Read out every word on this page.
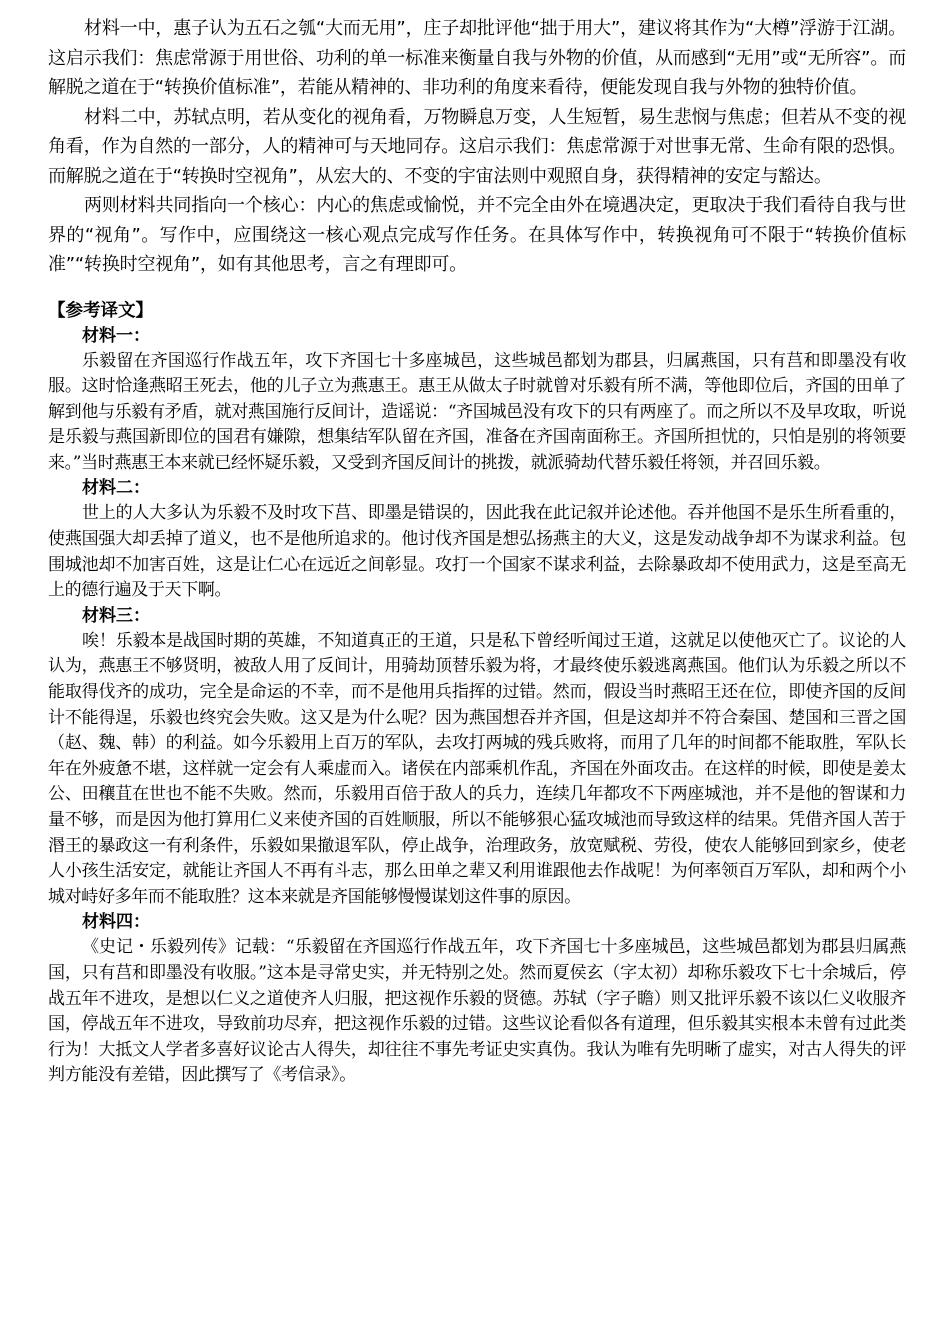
材料一中，惠子认为五石之瓠“大而无用”，庄子却批评他“拙于用大”，建议将其作为“大樽”浮游于江湖。这启示我们：焦虑常源于用世俗、功利的单一标准来衡量自我与外物的价值，从而感到“无用”或“无所容”。而解脱之道在于“转换价值标准”，若能从精神的、非功利的角度来看待，便能发现自我与外物的独特价值。

材料二中，苏轼点明，若从变化的视角看，万物瞬息万变，人生短暂，易生悲悯与焦虑；但若从不变的视角看，作为自然的一部分，人的精神可与天地同存。这启示我们：焦虑常源于对世事无常、生命有限的恐惧。而解脱之道在于“转换时空视角”，从宏大的、不变的宇宙法则中观照自身，获得精神的安定与豁达。

两则材料共同指向一个核心：内心的焦虑或愉悦，并不完全由外在境遇决定，更取决于我们看待自我与世界的“视角”。写作中，应围绕这一核心观点完成写作任务。在具体写作中，转换视角可不限于“转换价值标准”“转换时空视角”，如有其他思考，言之有理即可。

【参考译文】

材料一：

乐毅留在齐国巡行作战五年，攻下齐国七十多座城邑，这些城邑都划为郡县，归属燕国，只有莒和即墨没有收服。这时恰逢燕昭王死去，他的儿子立为燕惠王。惠王从做太子时就曾对乐毅有所不满，等他即位后，齐国的田单了解到他与乐毅有矛盾，就对燕国施行反间计，造谣说：“齐国城邑没有攻下的只有两座了。而之所以不及早攻取，听说是乐毅与燕国新即位的国君有嫌隙，想集结军队留在齐国，准备在齐国南面称王。齐国所担忧的，只怕是别的将领要来。”当时燕惠王本来就已经怀疑乐毅，又受到齐国反间计的挑拨，就派骑劫代替乐毅任将领，并召回乐毅。

材料二：

世上的人大多认为乐毅不及时攻下莒、即墨是错误的，因此我在此记叙并论述他。吞并他国不是乐生所看重的，使燕国强大却丢掉了道义，也不是他所追求的。他讨伐齐国是想弘扬燕主的大义，这是发动战争却不为谋求利益。包围城池却不加害百姓，这是让仁心在远近之间彰显。攻打一个国家不谋求利益，去除暴政却不使用武力，这是至高无上的德行遍及于天下啊。

材料三：

唉！乐毅本是战国时期的英雄，不知道真正的王道，只是私下曾经听闻过王道，这就足以使他灭亡了。议论的人认为，燕惠王不够贤明，被敌人用了反间计，用骑劫顶替乐毅为将，才最终使乐毅逃离燕国。他们认为乐毅之所以不能取得伐齐的成功，完全是命运的不幸，而不是他用兵指挥的过错。然而，假设当时燕昭王还在位，即使齐国的反间计不能得逞，乐毅也终究会失败。这又是为什么呢？因为燕国想吞并齐国，但是这却并不符合秦国、楚国和三晋之国（赵、魏、韩）的利益。如今乐毅用上百万的军队，去攻打两城的残兵败将，而用了几年的时间都不能取胜，军队长年在外疲惫不堪，这样就一定会有人乘虚而入。诸侯在内部乘机作乱，齐国在外面攻击。在这样的时候，即使是姜太公、田穰苴在世也不能不失败。然而，乐毅用百倍于敌人的兵力，连续几年都攻不下两座城池，并不是他的智谋和力量不够，而是因为他打算用仁义来使齐国的百姓顺服，所以不能够狠心猛攻城池而导致这样的结果。凭借齐国人苦于湣王的暴政这一有利条件，乐毅如果撤退军队，停止战争，治理政务，放宽赋税、劳役，使农人能够回到家乡，使老人小孩生活安定，就能让齐国人不再有斗志，那么田单之辈又利用谁跟他去作战呢！为何率领百万军队，却和两个小城对峙好多年而不能取胜？这本来就是齐国能够慢慢谋划这件事的原因。

材料四：

《史记・乐毅列传》记载：“乐毅留在齐国巡行作战五年，攻下齐国七十多座城邑，这些城邑都划为郡县归属燕国，只有莒和即墨没有收服。”这本是寻常史实，并无特别之处。然而夏侯玄（字太初）却称乐毅攻下七十余城后，停战五年不进攻，是想以仁义之道使齐人归服，把这视作乐毅的贤德。苏轼（字子瞻）则又批评乐毅不该以仁义收服齐国，停战五年不进攻，导致前功尽弃，把这视作乐毅的过错。这些议论看似各有道理，但乐毅其实根本未曾有过此类行为！大抵文人学者多喜好议论古人得失，却往往不事先考证史实真伪。我认为唯有先明晰了虚实，对古人得失的评判方能没有差错，因此撰写了《考信录》。
